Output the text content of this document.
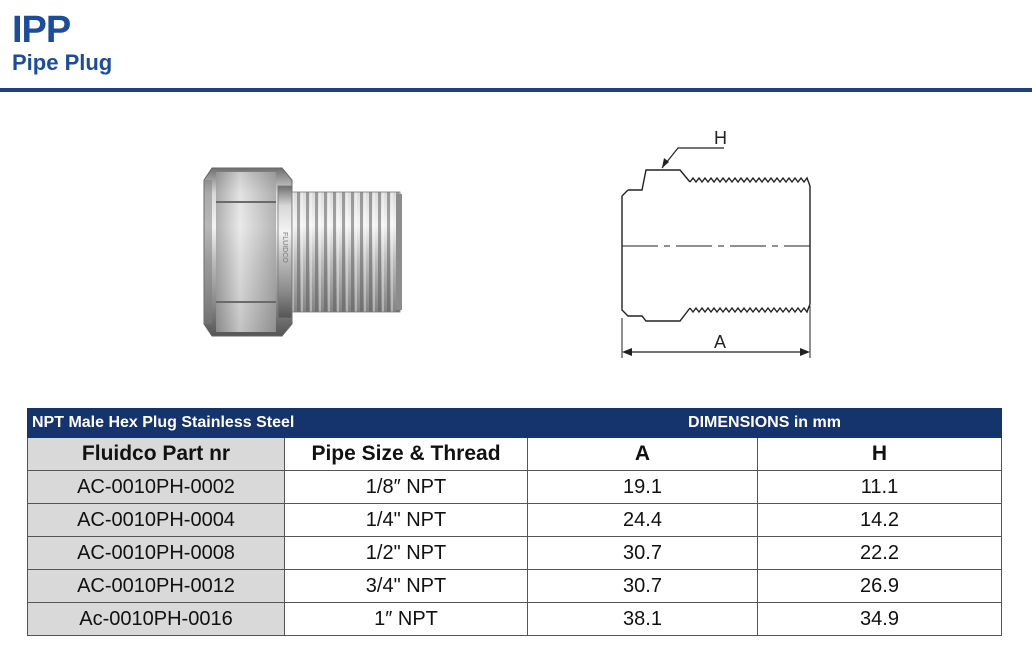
IPP
Pipe Plug
FLUIDCO
H
A
NPT Male Hex Plug Stainless Steel		DIMENSIONS in mm	
Fluidco Part nr	Pipe Size & Thread	A	H
AC-0010PH-0002	1/8″ NPT	19.1	11.1
AC-0010PH-0004	1/4" NPT	24.4	14.2
AC-0010PH-0008	1/2" NPT	30.7	22.2
AC-0010PH-0012	3/4" NPT	30.7	26.9
Ac-0010PH-0016	1″ NPT	38.1	34.9
